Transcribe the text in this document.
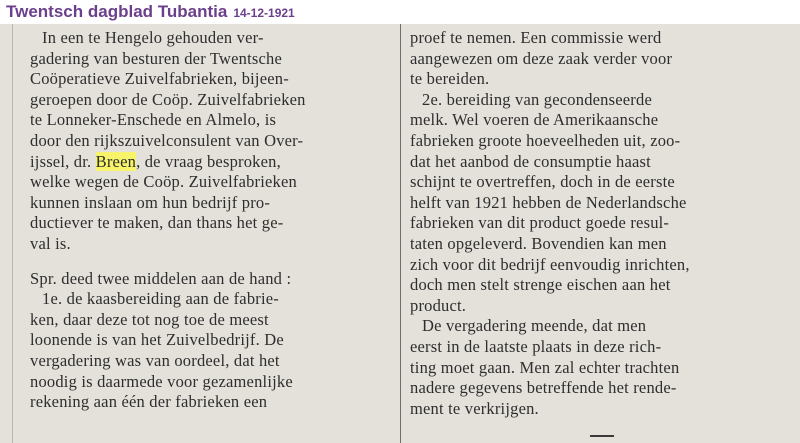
Twentsch dagblad Tubantia 14-12-1921
In een te Hengelo gehouden ver-
gadering van besturen der Twentsche
Coöperatieve Zuivelfabrieken, bijeen-
geroepen door de Coöp. Zuivelfabrieken
te Lonneker-Enschede en Almelo, is
door den rijkszuivelconsulent van Over-
ijssel, dr. Breen, de vraag besproken,
welke wegen de Coöp. Zuivelfabrieken
kunnen inslaan om hun bedrijf pro-
ductiever te maken, dan thans het ge-
val is.
Spr. deed twee middelen aan de hand :
1e. de kaasbereiding aan de fabrie-
ken, daar deze tot nog toe de meest
loonende is van het Zuivelbedrijf. De
vergadering was van oordeel, dat het
noodig is daarmede voor gezamenlijke
rekening aan één der fabrieken een
proef te nemen. Een commissie werd
aangewezen om deze zaak verder voor
te bereiden.
2e. bereiding van gecondenseerde
melk. Wel voeren de Amerikaansche
fabrieken groote hoeveelheden uit, zoo-
dat het aanbod de consumptie haast
schijnt te overtreffen, doch in de eerste
helft van 1921 hebben de Nederlandsche
fabrieken van dit product goede resul-
taten opgeleverd. Bovendien kan men
zich voor dit bedrijf eenvoudig inrichten,
doch men stelt strenge eischen aan het
product.
De vergadering meende, dat men
eerst in de laatste plaats in deze rich-
ting moet gaan. Men zal echter trachten
nadere gegevens betreffende het rende-
ment te verkrijgen.
